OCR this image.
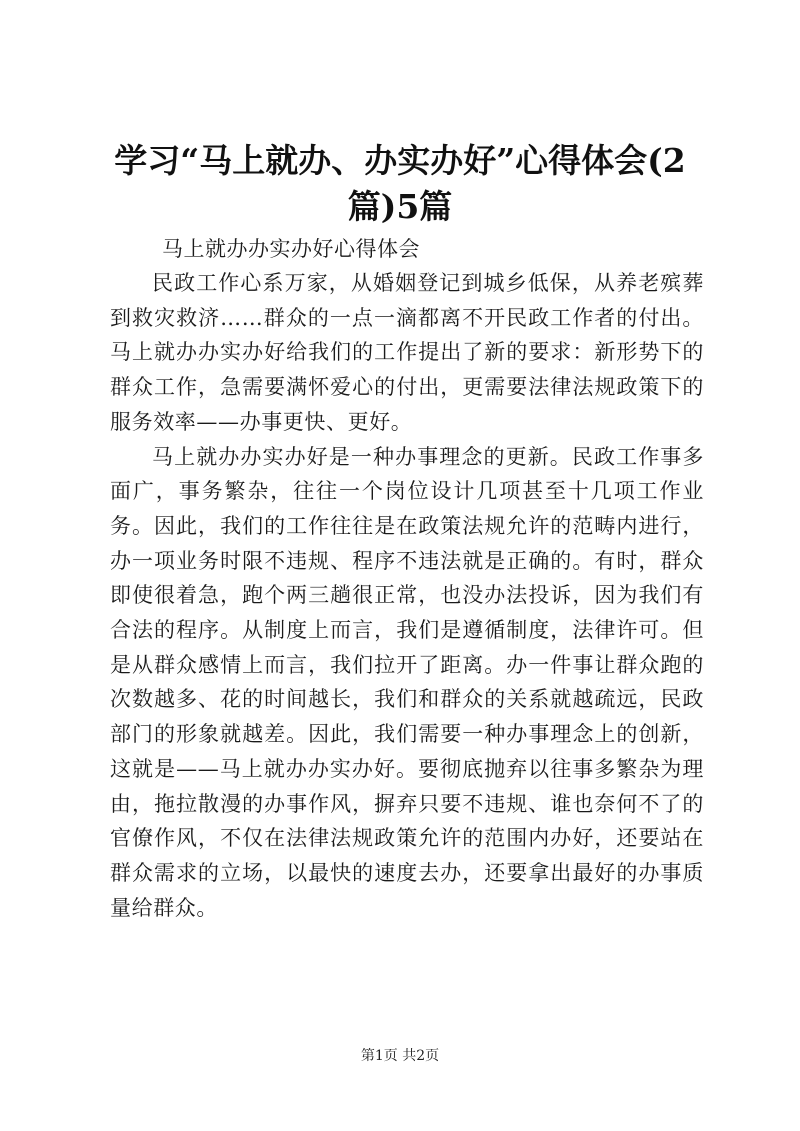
学习“马上就办、办实办好”心得体会(2篇)5篇

马上就办办实办好心得体会

民政工作心系万家，从婚姻登记到城乡低保，从养老殡葬到救灾救济……群众的一点一滴都离不开民政工作者的付出。马上就办办实办好给我们的工作提出了新的要求：新形势下的群众工作，急需要满怀爱心的付出，更需要法律法规政策下的服务效率——办事更快、更好。

马上就办办实办好是一种办事理念的更新。民政工作事多面广，事务繁杂，往往一个岗位设计几项甚至十几项工作业务。因此，我们的工作往往是在政策法规允许的范畴内进行，办一项业务时限不违规、程序不违法就是正确的。有时，群众即使很着急，跑个两三趟很正常，也没办法投诉，因为我们有合法的程序。从制度上而言，我们是遵循制度，法律许可。但是从群众感情上而言，我们拉开了距离。办一件事让群众跑的次数越多、花的时间越长，我们和群众的关系就越疏远，民政部门的形象就越差。因此，我们需要一种办事理念上的创新，这就是——马上就办办实办好。要彻底抛弃以往事多繁杂为理由，拖拉散漫的办事作风，摒弃只要不违规、谁也奈何不了的官僚作风，不仅在法律法规政策允许的范围内办好，还要站在群众需求的立场，以最快的速度去办，还要拿出最好的办事质量给群众。

第1页 共2页
